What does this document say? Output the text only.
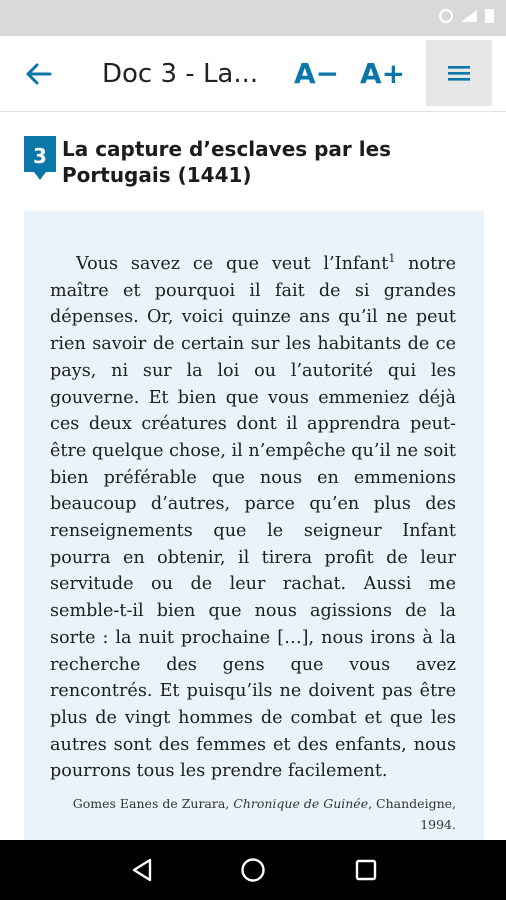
Doc 3 - La...	A− A+
3 La capture d’esclaves par les Portugais (1441)

Vous savez ce que veut l’Infant$^1$ notre maître et pourquoi il fait de si grandes dépenses. Or, voici quinze ans qu’il ne peut rien savoir de certain sur les habitants de ce pays, ni sur la loi ou l’autorité qui les gouverne. Et bien que vous emmeniez déjà ces deux créatures dont il apprendra peut-être quelque chose, il n’empêche qu’il ne soit bien préférable que nous en emmenions beaucoup d’autres, parce qu’en plus des renseignements que le seigneur Infant pourra en obtenir, il tirera profit de leur servitude ou de leur rachat. Aussi me semble-t-il bien que nous agissions de la sorte : la nuit prochaine […], nous irons à la recherche des gens que vous avez rencontrés. Et puisqu’ils ne doivent pas être plus de vingt hommes de combat et que les autres sont des femmes et des enfants, nous pourrons tous les prendre facilement.

Gomes Eanes de Zurara, Chronique de Guinée, Chandeigne, 1994.
